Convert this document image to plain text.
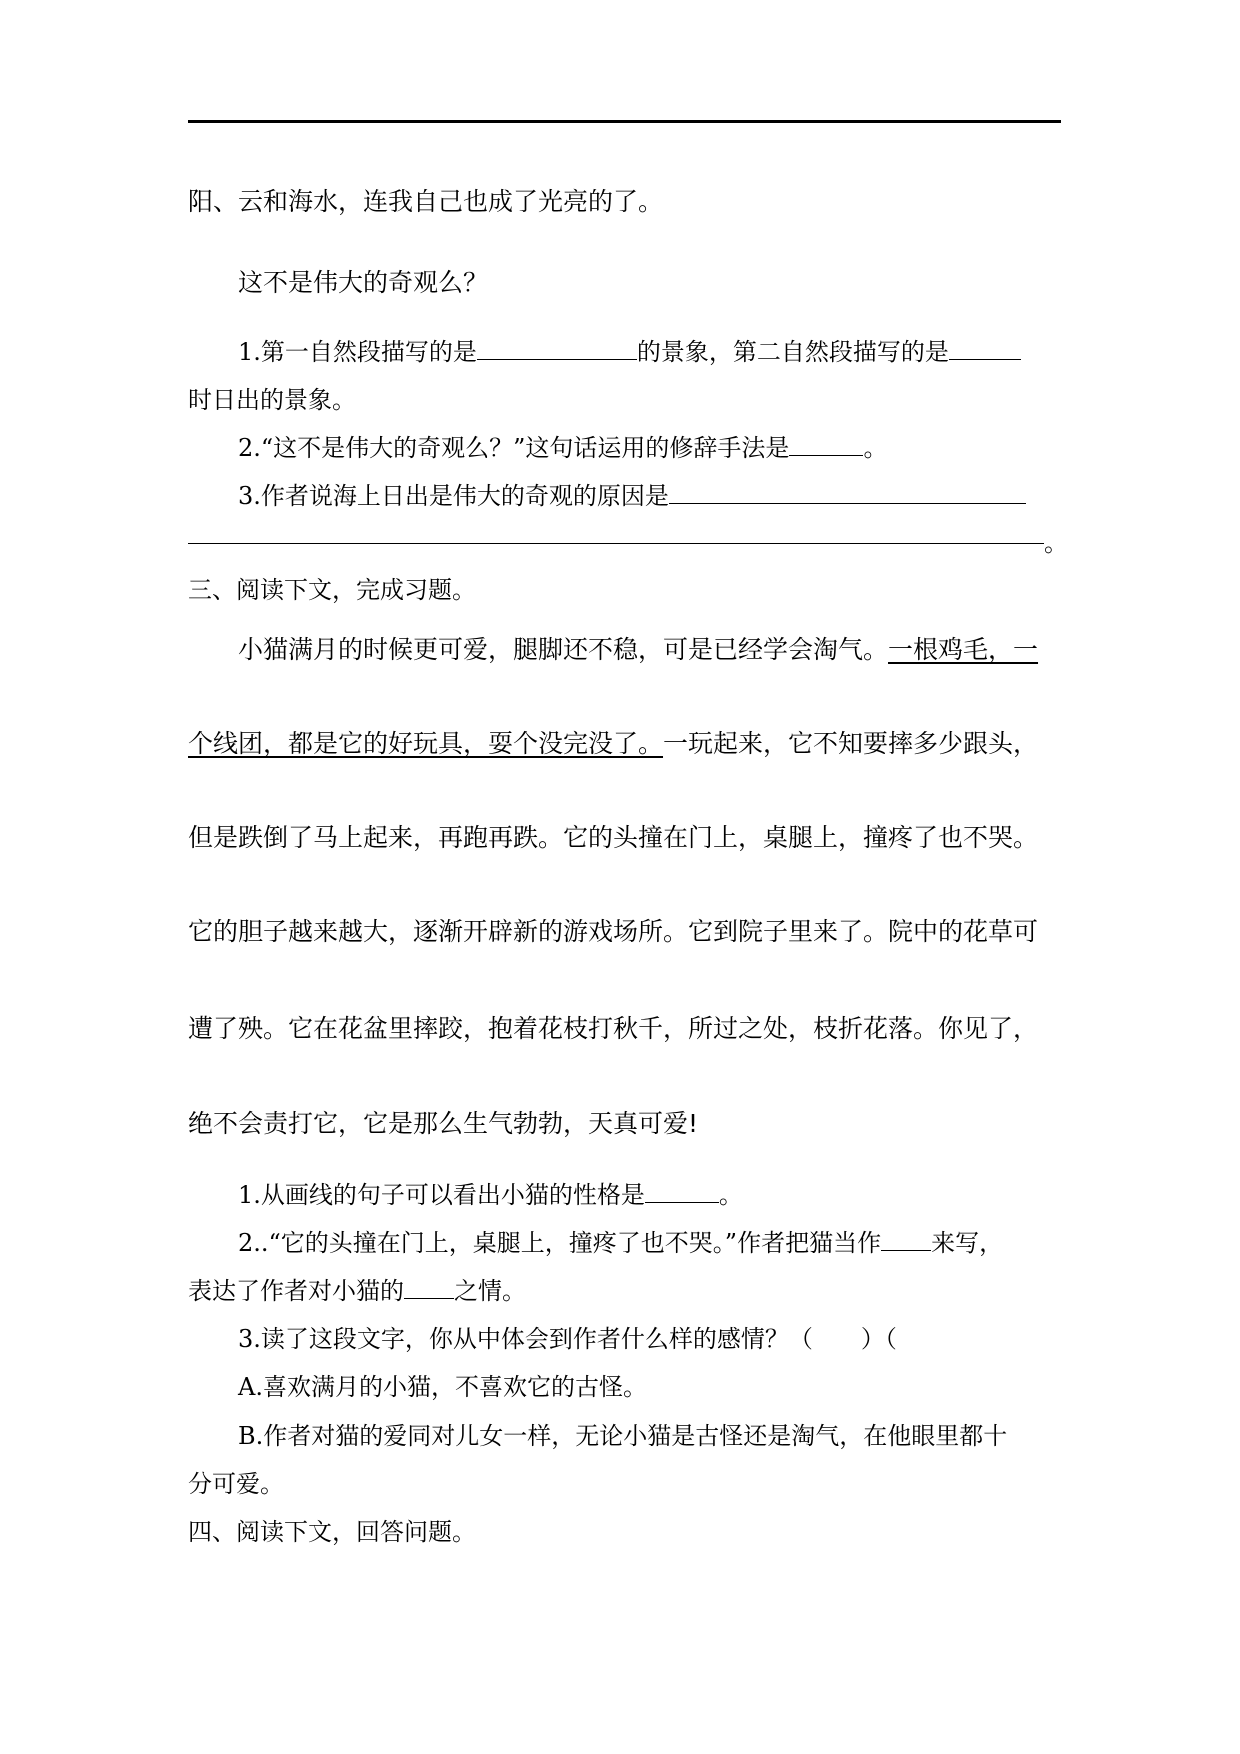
阳、云和海水，连我自己也成了光亮的了。
这不是伟大的奇观么？
1.第一自然段描写的是	的景象，第二自然段描写的是
时日出的景象。
2.“这不是伟大的奇观么？”这句话运用的修辞手法是	。
3.作者说海上日出是伟大的奇观的原因是
。
三、阅读下文，完成习题。
小猫满月的时候更可爱，腿脚还不稳，可是已经学会淘气。一根鸡毛，一
个线团，都是它的好玩具，耍个没完没了。一玩起来，它不知要摔多少跟头，
但是跌倒了马上起来，再跑再跌。它的头撞在门上，桌腿上，撞疼了也不哭。
它的胆子越来越大，逐渐开辟新的游戏场所。它到院子里来了。院中的花草可
遭了殃。它在花盆里摔跤，抱着花枝打秋千，所过之处，枝折花落。你见了，
绝不会责打它，它是那么生气勃勃，天真可爱!
1.从画线的句子可以看出小猫的性格是	。
2..“它的头撞在门上，桌腿上，撞疼了也不哭。”作者把猫当作 来写，
表达了作者对小猫的 之情。
3.读了这段文字，你从中体会到作者什么样的感情？（　　）（
A.喜欢满月的小猫，不喜欢它的古怪。
B.作者对猫的爱同对儿女一样，无论小猫是古怪还是淘气，在他眼里都十
分可爱。
四、阅读下文，回答问题。
